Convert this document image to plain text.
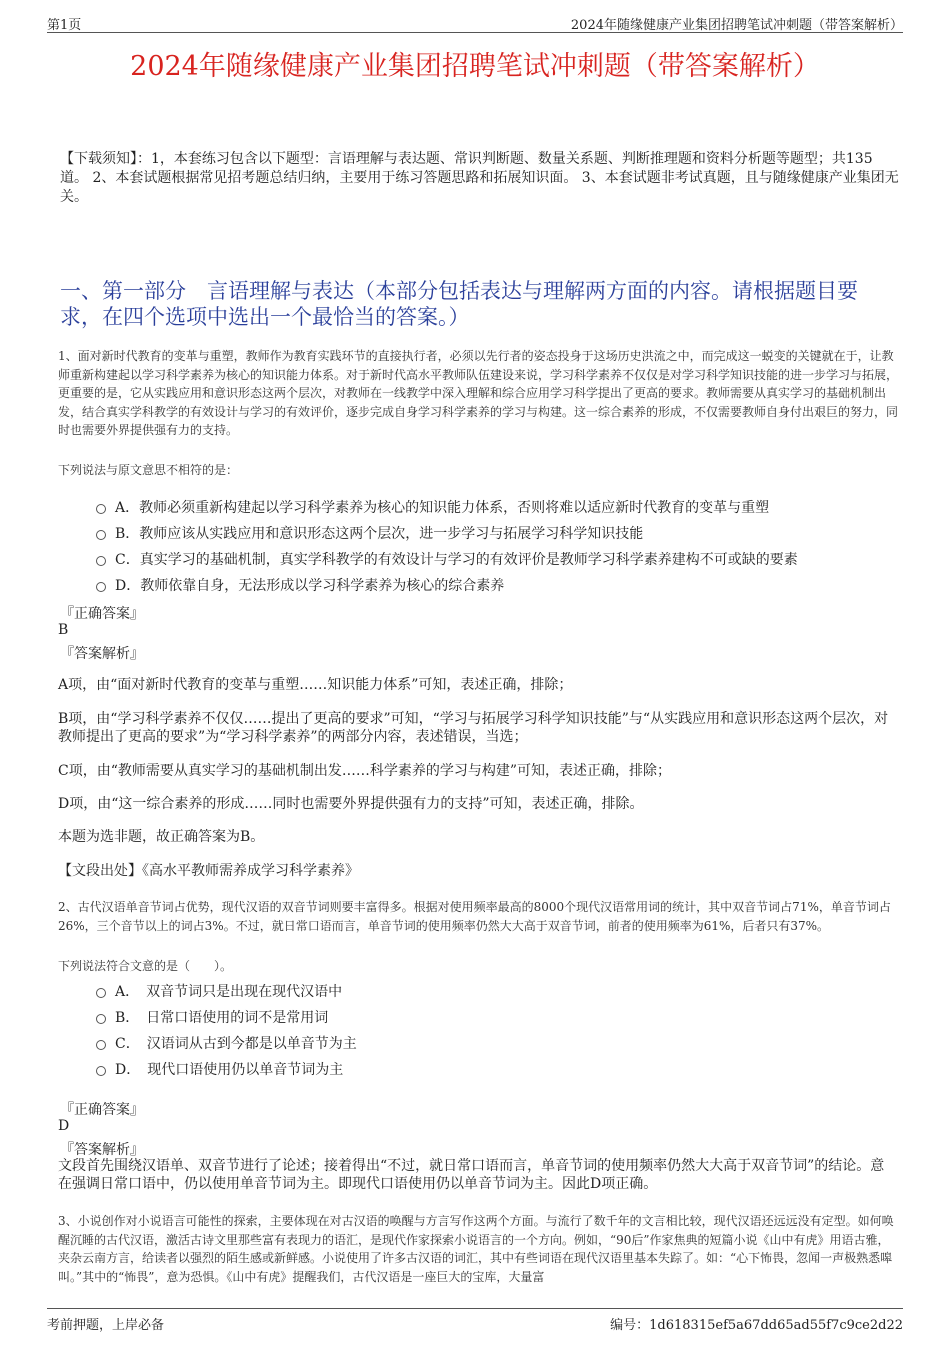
第1页	2024年随缘健康产业集团招聘笔试冲刺题（带答案解析）
2024年随缘健康产业集团招聘笔试冲刺题（带答案解析）
【下载须知】：1，本套练习包含以下题型：言语理解与表达题、常识判断题、数量关系题、判断推理题和资料分析题等题型；共135道。 2、本套试题根据常见招考题总结归纳，主要用于练习答题思路和拓展知识面。 3、本套试题非考试真题，且与随缘健康产业集团无关。
一、第一部分　言语理解与表达（本部分包括表达与理解两方面的内容。请根据题目要求，在四个选项中选出一个最恰当的答案。）
1、面对新时代教育的变革与重塑，教师作为教育实践环节的直接执行者，必须以先行者的姿态投身于这场历史洪流之中，而完成这一蜕变的关键就在于，让教师重新构建起以学习科学素养为核心的知识能力体系。对于新时代高水平教师队伍建设来说，学习科学素养不仅仅是对学习科学知识技能的进一步学习与拓展，更重要的是，它从实践应用和意识形态这两个层次，对教师在一线教学中深入理解和综合应用学习科学提出了更高的要求。教师需要从真实学习的基础机制出发，结合真实学科教学的有效设计与学习的有效评价，逐步完成自身学习科学素养的学习与构建。这一综合素养的形成，不仅需要教师自身付出艰巨的努力，同时也需要外界提供强有力的支持。
下列说法与原文意思不相符的是：
A．教师必须重新构建起以学习科学素养为核心的知识能力体系，否则将难以适应新时代教育的变革与重塑
B．教师应该从实践应用和意识形态这两个层次，进一步学习与拓展学习科学知识技能
C．真实学习的基础机制，真实学科教学的有效设计与学习的有效评价是教师学习科学素养建构不可或缺的要素
D．教师依靠自身，无法形成以学习科学素养为核心的综合素养
『正确答案』
B
『答案解析』
A项，由“面对新时代教育的变革与重塑……知识能力体系”可知，表述正确，排除；
B项，由“学习科学素养不仅仅……提出了更高的要求”可知，“学习与拓展学习科学知识技能”与“从实践应用和意识形态这两个层次，对教师提出了更高的要求”为“学习科学素养”的两部分内容，表述错误，当选；
C项，由“教师需要从真实学习的基础机制出发……科学素养的学习与构建”可知，表述正确，排除；
D项，由“这一综合素养的形成……同时也需要外界提供强有力的支持”可知，表述正确，排除。
本题为选非题，故正确答案为B。
【文段出处】《高水平教师需养成学习科学素养》
2、古代汉语单音节词占优势，现代汉语的双音节词则要丰富得多。根据对使用频率最高的8000个现代汉语常用词的统计，其中双音节词占71%，单音节词占26%，三个音节以上的词占3%。不过，就日常口语而言，单音节词的使用频率仍然大大高于双音节词，前者的使用频率为61%，后者只有37%。
下列说法符合文意的是（　　）。
A．　双音节词只是出现在现代汉语中
B．　日常口语使用的词不是常用词
C．　汉语词从古到今都是以单音节为主
D．　现代口语使用仍以单音节词为主
『正确答案』
D
『答案解析』
文段首先围绕汉语单、双音节进行了论述；接着得出“不过，就日常口语而言，单音节词的使用频率仍然大大高于双音节词”的结论。意在强调日常口语中，仍以使用单音节词为主。即现代口语使用仍以单音节词为主。因此D项正确。
3、小说创作对小说语言可能性的探索，主要体现在对古汉语的唤醒与方言写作这两个方面。与流行了数千年的文言相比较，现代汉语还远远没有定型。如何唤醒沉睡的古代汉语，激活古诗文里那些富有表现力的语汇，是现代作家探索小说语言的一个方向。例如，“90后”作家焦典的短篇小说《山中有虎》用语古雅，夹杂云南方言，给读者以强烈的陌生感或新鲜感。小说使用了许多古汉语的词汇，其中有些词语在现代汉语里基本失踪了。如：“心下怖畏，忽闻一声极熟悉嗥叫。”其中的“怖畏”，意为恐惧。《山中有虎》提醒我们，古代汉语是一座巨大的宝库，大量富
考前押题，上岸必备	编号：1d618315ef5a67dd65ad55f7c9ce2d22
